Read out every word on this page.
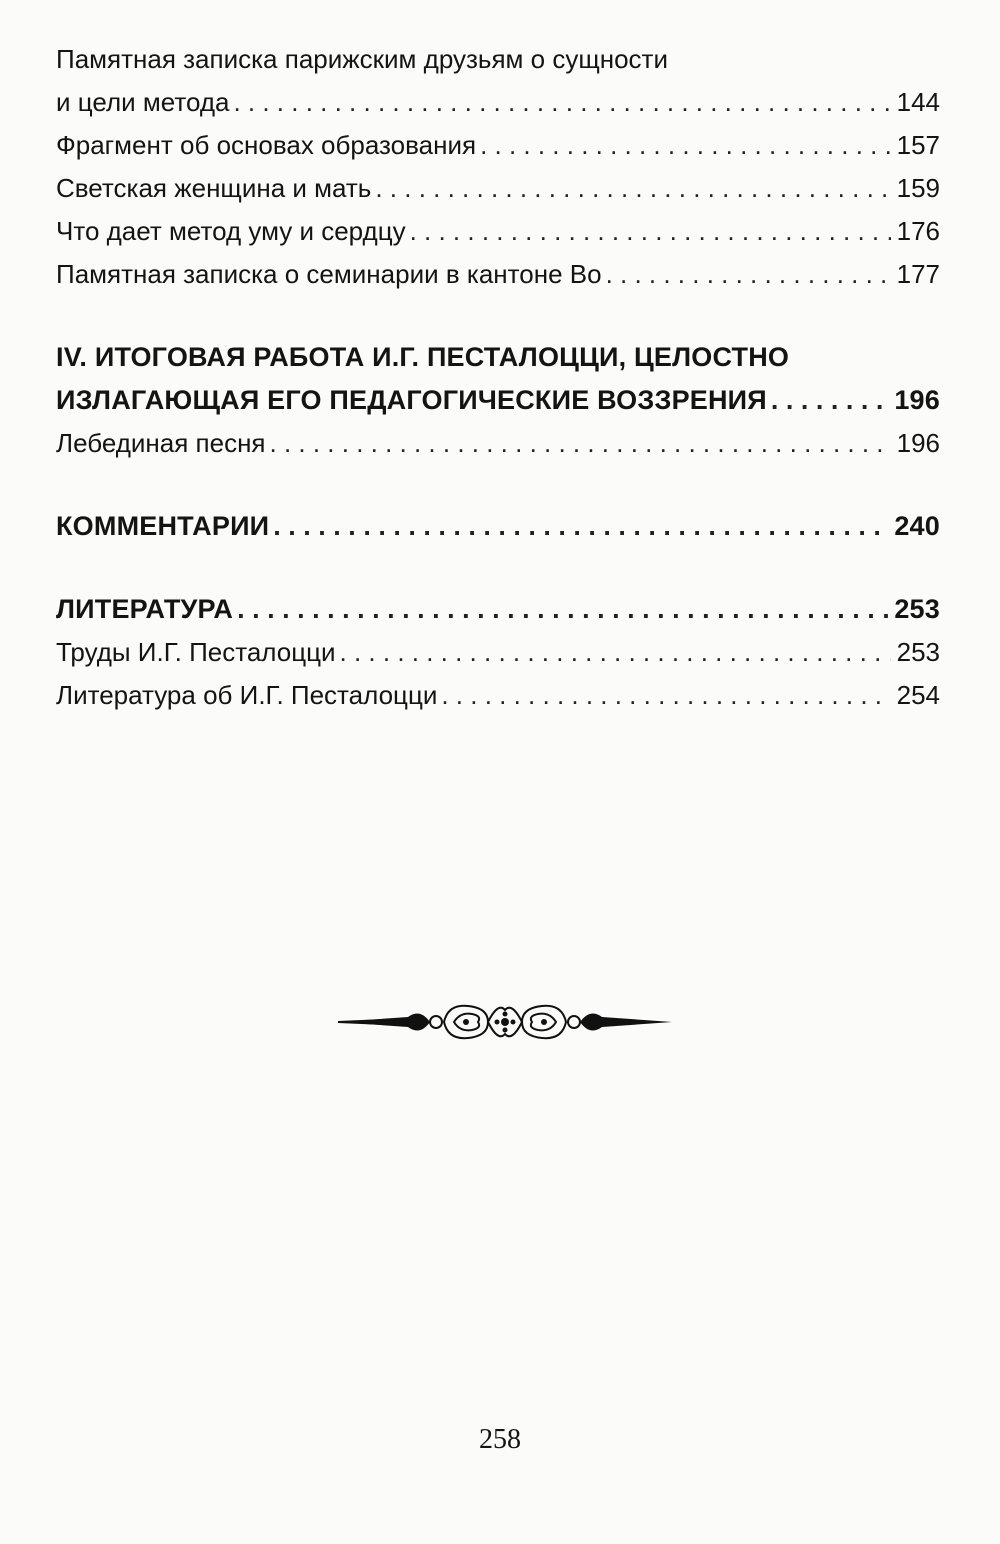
Памятная записка парижским друзьям о сущности
и цели метода . . .	144
Фрагмент об основах образования . . .	157
Светская женщина и мать . . .	159
Что дает метод уму и сердцу . . .	176
Памятная записка о семинарии в кантоне Во . . .	177
IV. ИТОГОВАЯ РАБОТА И.Г. ПЕСТАЛОЦЦИ, ЦЕЛОСТНО
ИЗЛАГАЮЩАЯ ЕГО ПЕДАГОГИЧЕСКИЕ ВОЗЗРЕНИЯ . . .	196
Лебединая песня . . .	196
КОММЕНТАРИИ . . .	240
ЛИТЕРАТУРА . . .	253
Труды И.Г. Песталоцци . . .	253
Литература об И.Г. Песталоцци . . .	254
258
